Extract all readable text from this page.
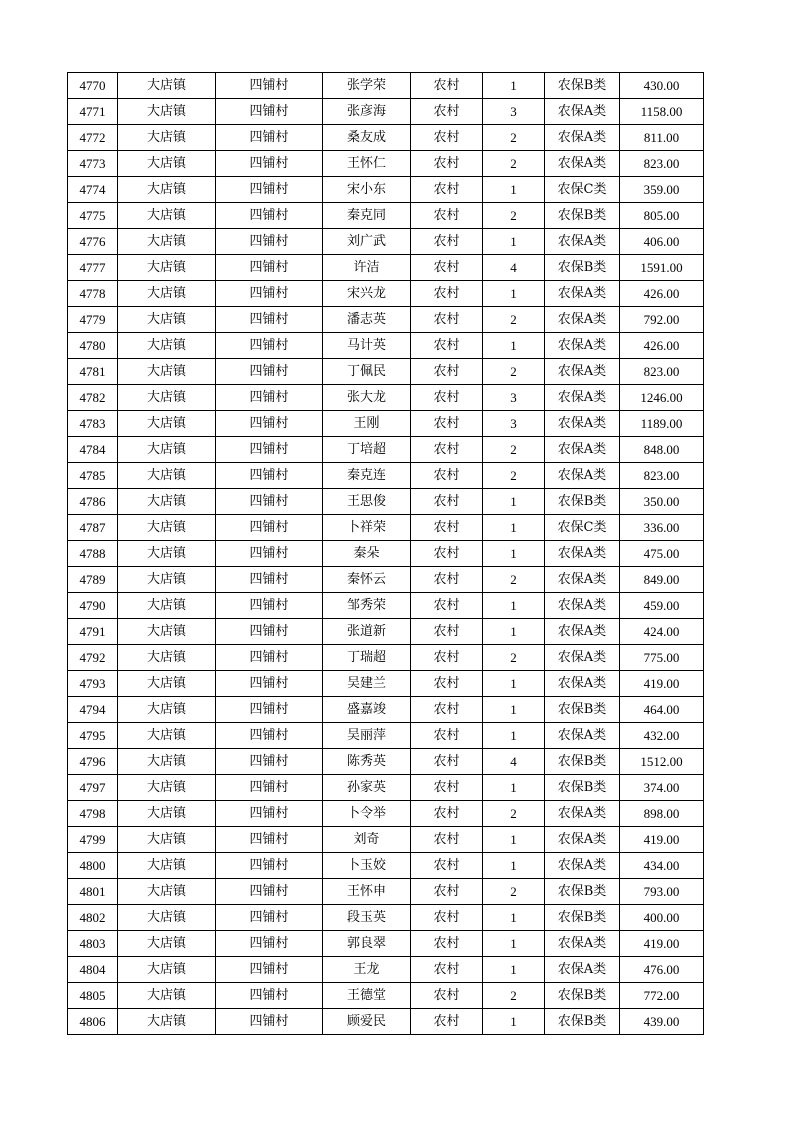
4770	大店镇	四铺村	张学荣	农村	1	农保B类	430.00
4771	大店镇	四铺村	张彦海	农村	3	农保A类	1158.00
4772	大店镇	四铺村	桑友成	农村	2	农保A类	811.00
4773	大店镇	四铺村	王怀仁	农村	2	农保A类	823.00
4774	大店镇	四铺村	宋小东	农村	1	农保C类	359.00
4775	大店镇	四铺村	秦克同	农村	2	农保B类	805.00
4776	大店镇	四铺村	刘广武	农村	1	农保A类	406.00
4777	大店镇	四铺村	许洁	农村	4	农保B类	1591.00
4778	大店镇	四铺村	宋兴龙	农村	1	农保A类	426.00
4779	大店镇	四铺村	潘志英	农村	2	农保A类	792.00
4780	大店镇	四铺村	马计英	农村	1	农保A类	426.00
4781	大店镇	四铺村	丁佩民	农村	2	农保A类	823.00
4782	大店镇	四铺村	张大龙	农村	3	农保A类	1246.00
4783	大店镇	四铺村	王刚	农村	3	农保A类	1189.00
4784	大店镇	四铺村	丁培超	农村	2	农保A类	848.00
4785	大店镇	四铺村	秦克连	农村	2	农保A类	823.00
4786	大店镇	四铺村	王思俊	农村	1	农保B类	350.00
4787	大店镇	四铺村	卜祥荣	农村	1	农保C类	336.00
4788	大店镇	四铺村	秦朵	农村	1	农保A类	475.00
4789	大店镇	四铺村	秦怀云	农村	2	农保A类	849.00
4790	大店镇	四铺村	邹秀荣	农村	1	农保A类	459.00
4791	大店镇	四铺村	张道新	农村	1	农保A类	424.00
4792	大店镇	四铺村	丁瑞超	农村	2	农保A类	775.00
4793	大店镇	四铺村	吴建兰	农村	1	农保A类	419.00
4794	大店镇	四铺村	盛嘉竣	农村	1	农保B类	464.00
4795	大店镇	四铺村	吴丽萍	农村	1	农保A类	432.00
4796	大店镇	四铺村	陈秀英	农村	4	农保B类	1512.00
4797	大店镇	四铺村	孙家英	农村	1	农保B类	374.00
4798	大店镇	四铺村	卜令举	农村	2	农保A类	898.00
4799	大店镇	四铺村	刘奇	农村	1	农保A类	419.00
4800	大店镇	四铺村	卜玉姣	农村	1	农保A类	434.00
4801	大店镇	四铺村	王怀申	农村	2	农保B类	793.00
4802	大店镇	四铺村	段玉英	农村	1	农保B类	400.00
4803	大店镇	四铺村	郭良翠	农村	1	农保A类	419.00
4804	大店镇	四铺村	王龙	农村	1	农保A类	476.00
4805	大店镇	四铺村	王德堂	农村	2	农保B类	772.00
4806	大店镇	四铺村	顾爱民	农村	1	农保B类	439.00
